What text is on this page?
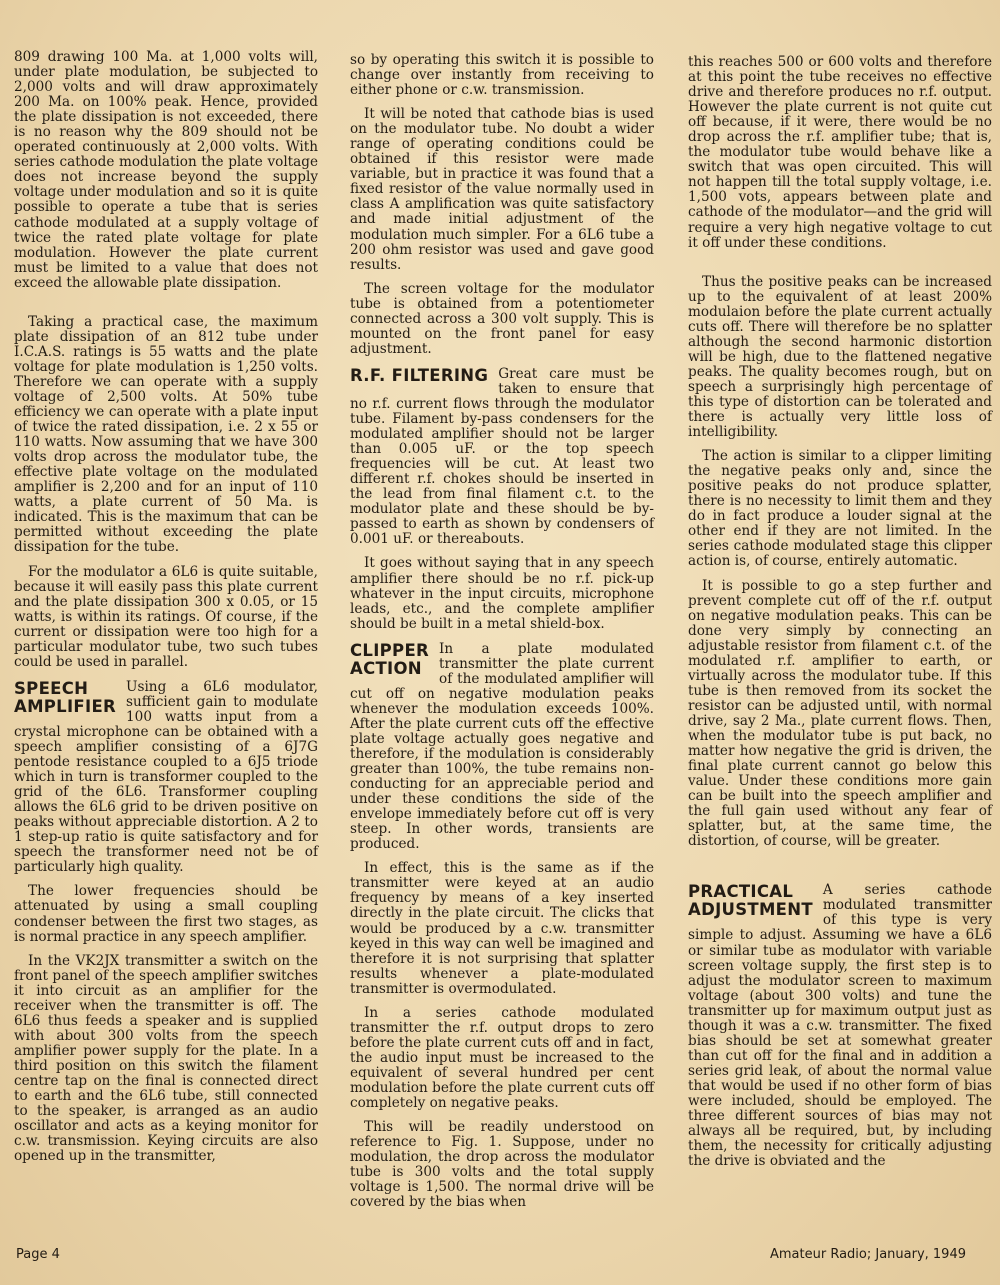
809 drawing 100 Ma. at 1,000 volts will, under plate modulation, be subjected to 2,000 volts and will draw approximately 200 Ma. on 100% peak. Hence, provided the plate dissipation is not exceeded, there is no reason why the 809 should not be operated continuously at 2,000 volts. With series cathode modulation the plate voltage does not increase beyond the supply voltage under modulation and so it is quite possible to operate a tube that is series cathode modulated at a supply voltage of twice the rated plate voltage for plate modulation. However the plate current must be limited to a value that does not exceed the allowable plate dissipation.

Taking a practical case, the maximum plate dissipation of an 812 tube under I.C.A.S. ratings is 55 watts and the plate voltage for plate modulation is 1,250 volts. Therefore we can operate with a supply voltage of 2,500 volts. At 50% tube efficiency we can operate with a plate input of twice the rated dissipation, i.e. 2 x 55 or 110 watts. Now assuming that we have 300 volts drop across the modulator tube, the effective plate voltage on the modulated amplifier is 2,200 and for an input of 110 watts, a plate current of 50 Ma. is indicated. This is the maximum that can be permitted without exceeding the plate dissipation for the tube.

For the modulator a 6L6 is quite suitable, because it will easily pass this plate current and the plate dissipation 300 x 0.05, or 15 watts, is within its ratings. Of course, if the current or dissipation were too high for a particular modulator tube, two such tubes could be used in parallel.

SPEECH
AMPLIFIER

Using a 6L6 modulator, sufficient gain to modulate 100 watts input from a crystal microphone can be obtained with a speech amplifier consisting of a 6J7G pentode resistance coupled to a 6J5 triode which in turn is transformer coupled to the grid of the 6L6. Transformer coupling allows the 6L6 grid to be driven positive on peaks without appreciable distortion. A 2 to 1 step-up ratio is quite satisfactory and for speech the transformer need not be of particularly high quality.

The lower frequencies should be attenuated by using a small coupling condenser between the first two stages, as is normal practice in any speech amplifier.

In the VK2JX transmitter a switch on the front panel of the speech amplifier switches it into circuit as an amplifier for the receiver when the transmitter is off. The 6L6 thus feeds a speaker and is supplied with about 300 volts from the speech amplifier power supply for the plate. In a third position on this switch the filament centre tap on the final is connected direct to earth and the 6L6 tube, still connected to the speaker, is arranged as an audio oscillator and acts as a keying monitor for c.w. transmission. Keying circuits are also opened up in the transmitter,

so by operating this switch it is possible to change over instantly from receiving to either phone or c.w. transmission.

It will be noted that cathode bias is used on the modulator tube. No doubt a wider range of operating conditions could be obtained if this resistor were made variable, but in practice it was found that a fixed resistor of the value normally used in class A amplification was quite satisfactory and made initial adjustment of the modulation much simpler. For a 6L6 tube a 200 ohm resistor was used and gave good results.

The screen voltage for the modulator tube is obtained from a potentiometer connected across a 300 volt supply. This is mounted on the front panel for easy adjustment.

R.F. FILTERING Great care must be taken to ensure that no r.f. current flows through the modulator tube. Filament by-pass condensers for the modulated amplifier should not be larger than 0.005 uF. or the top speech frequencies will be cut. At least two different r.f. chokes should be inserted in the lead from final filament c.t. to the modulator plate and these should be by-passed to earth as shown by condensers of 0.001 uF. or thereabouts.

It goes without saying that in any speech amplifier there should be no r.f. pick-up whatever in the input circuits, microphone leads, etc., and the complete amplifier should be built in a metal shield-box.

CLIPPER
ACTION

In a plate modulated transmitter the plate current of the modulated amplifier will cut off on negative modulation peaks whenever the modulation exceeds 100%. After the plate current cuts off the effective plate voltage actually goes negative and therefore, if the modulation is considerably greater than 100%, the tube remains non-conducting for an appreciable period and under these conditions the side of the envelope immediately before cut off is very steep. In other words, transients are produced.

In effect, this is the same as if the transmitter were keyed at an audio frequency by means of a key inserted directly in the plate circuit. The clicks that would be produced by a c.w. transmitter keyed in this way can well be imagined and therefore it is not surprising that splatter results whenever a plate-modulated transmitter is overmodulated.

In a series cathode modulated transmitter the r.f. output drops to zero before the plate current cuts off and in fact, the audio input must be increased to the equivalent of several hundred per cent modulation before the plate current cuts off completely on negative peaks.

This will be readily understood on reference to Fig. 1. Suppose, under no modulation, the drop across the modulator tube is 300 volts and the total supply voltage is 1,500. The normal drive will be covered by the bias when

this reaches 500 or 600 volts and therefore at this point the tube receives no effective drive and therefore produces no r.f. output. However the plate current is not quite cut off because, if it were, there would be no drop across the r.f. amplifier tube; that is, the modulator tube would behave like a switch that was open circuited. This will not happen till the total supply voltage, i.e. 1,500 vots, appears between plate and cathode of the modulator—and the grid will require a very high negative voltage to cut it off under these conditions.

Thus the positive peaks can be increased up to the equivalent of at least 200% modulaion before the plate current actually cuts off. There will therefore be no splatter although the second harmonic distortion will be high, due to the flattened negative peaks. The quality becomes rough, but on speech a surprisingly high percentage of this type of distortion can be tolerated and there is actually very little loss of intelligibility.

The action is similar to a clipper limiting the negative peaks only and, since the positive peaks do not produce splatter, there is no necessity to limit them and they do in fact produce a louder signal at the other end if they are not limited. In the series cathode modulated stage this clipper action is, of course, entirely automatic.

It is possible to go a step further and prevent complete cut off of the r.f. output on negative modulation peaks. This can be done very simply by connecting an adjustable resistor from filament c.t. of the modulated r.f. amplifier to earth, or virtually across the modulator tube. If this tube is then removed from its socket the resistor can be adjusted until, with normal drive, say 2 Ma., plate current flows. Then, when the modulator tube is put back, no matter how negative the grid is driven, the final plate current cannot go below this value. Under these conditions more gain can be built into the speech amplifier and the full gain used without any fear of splatter, but, at the same time, the distortion, of course, will be greater.

PRACTICAL
ADJUSTMENT

A series cathode modulated transmitter of this type is very simple to adjust. Assuming we have a 6L6 or similar tube as modulator with variable screen voltage supply, the first step is to adjust the modulator screen to maximum voltage (about 300 volts) and tune the transmitter up for maximum output just as though it was a c.w. transmitter. The fixed bias should be set at somewhat greater than cut off for the final and in addition a series grid leak, of about the normal value that would be used if no other form of bias were included, should be employed. The three different sources of bias may not always all be required, but, by including them, the necessity for critically adjusting the drive is obviated and the

Page 4	Amateur Radio; January, 1949
